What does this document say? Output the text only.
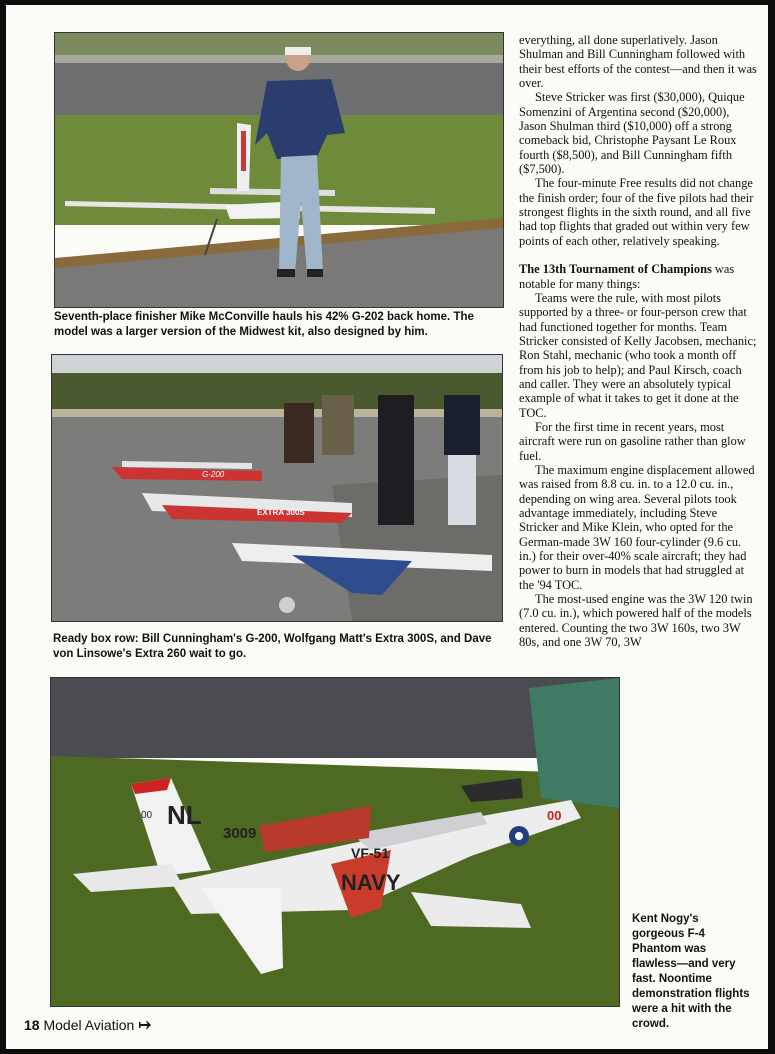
Seventh-place finisher Mike McConville hauls his 42% G-202 back home. The model was a larger version of the Midwest kit, also designed by him.
G-200
EXTRA 300S
Ready box row: Bill Cunningham's G-200, Wolfgang Matt's Extra 300S, and Dave von Linsowe's Extra 260 wait to go.
NL
3009
00
VF-51
NAVY
00
Kent Nogy's gorgeous F-4 Phantom was flawless—and very fast. Noontime demonstration flights were a hit with the crowd.

everything, all done superlatively. Jason Shulman and Bill Cunningham followed with their best efforts of the contest—and then it was over.

Steve Stricker was first ($30,000), Quique Somenzini of Argentina second ($20,000), Jason Shulman third ($10,000) off a strong comeback bid, Christophe Paysant Le Roux fourth ($8,500), and Bill Cunningham fifth ($7,500).

The four-minute Free results did not change the finish order; four of the five pilots had their strongest flights in the sixth round, and all five had top flights that graded out within very few points of each other, relatively speaking.

The 13th Tournament of Champions was notable for many things:

Teams were the rule, with most pilots supported by a three- or four-person crew that had functioned together for months. Team Stricker consisted of Kelly Jacobsen, mechanic; Ron Stahl, mechanic (who took a month off from his job to help); and Paul Kirsch, coach and caller. They were an absolutely typical example of what it takes to get it done at the TOC.

For the first time in recent years, most aircraft were run on gasoline rather than glow fuel.

The maximum engine displacement allowed was raised from 8.8 cu. in. to a 12.0 cu. in., depending on wing area. Several pilots took advantage immediately, including Steve Stricker and Mike Klein, who opted for the German-made 3W 160 four-cylinder (9.6 cu. in.) for their over-40% scale aircraft; they had power to burn in models that had struggled at the '94 TOC.

The most-used engine was the 3W 120 twin (7.0 cu. in.), which powered half of the models entered. Counting the two 3W 160s, two 3W 80s, and one 3W 70, 3W

18 Model Aviation
